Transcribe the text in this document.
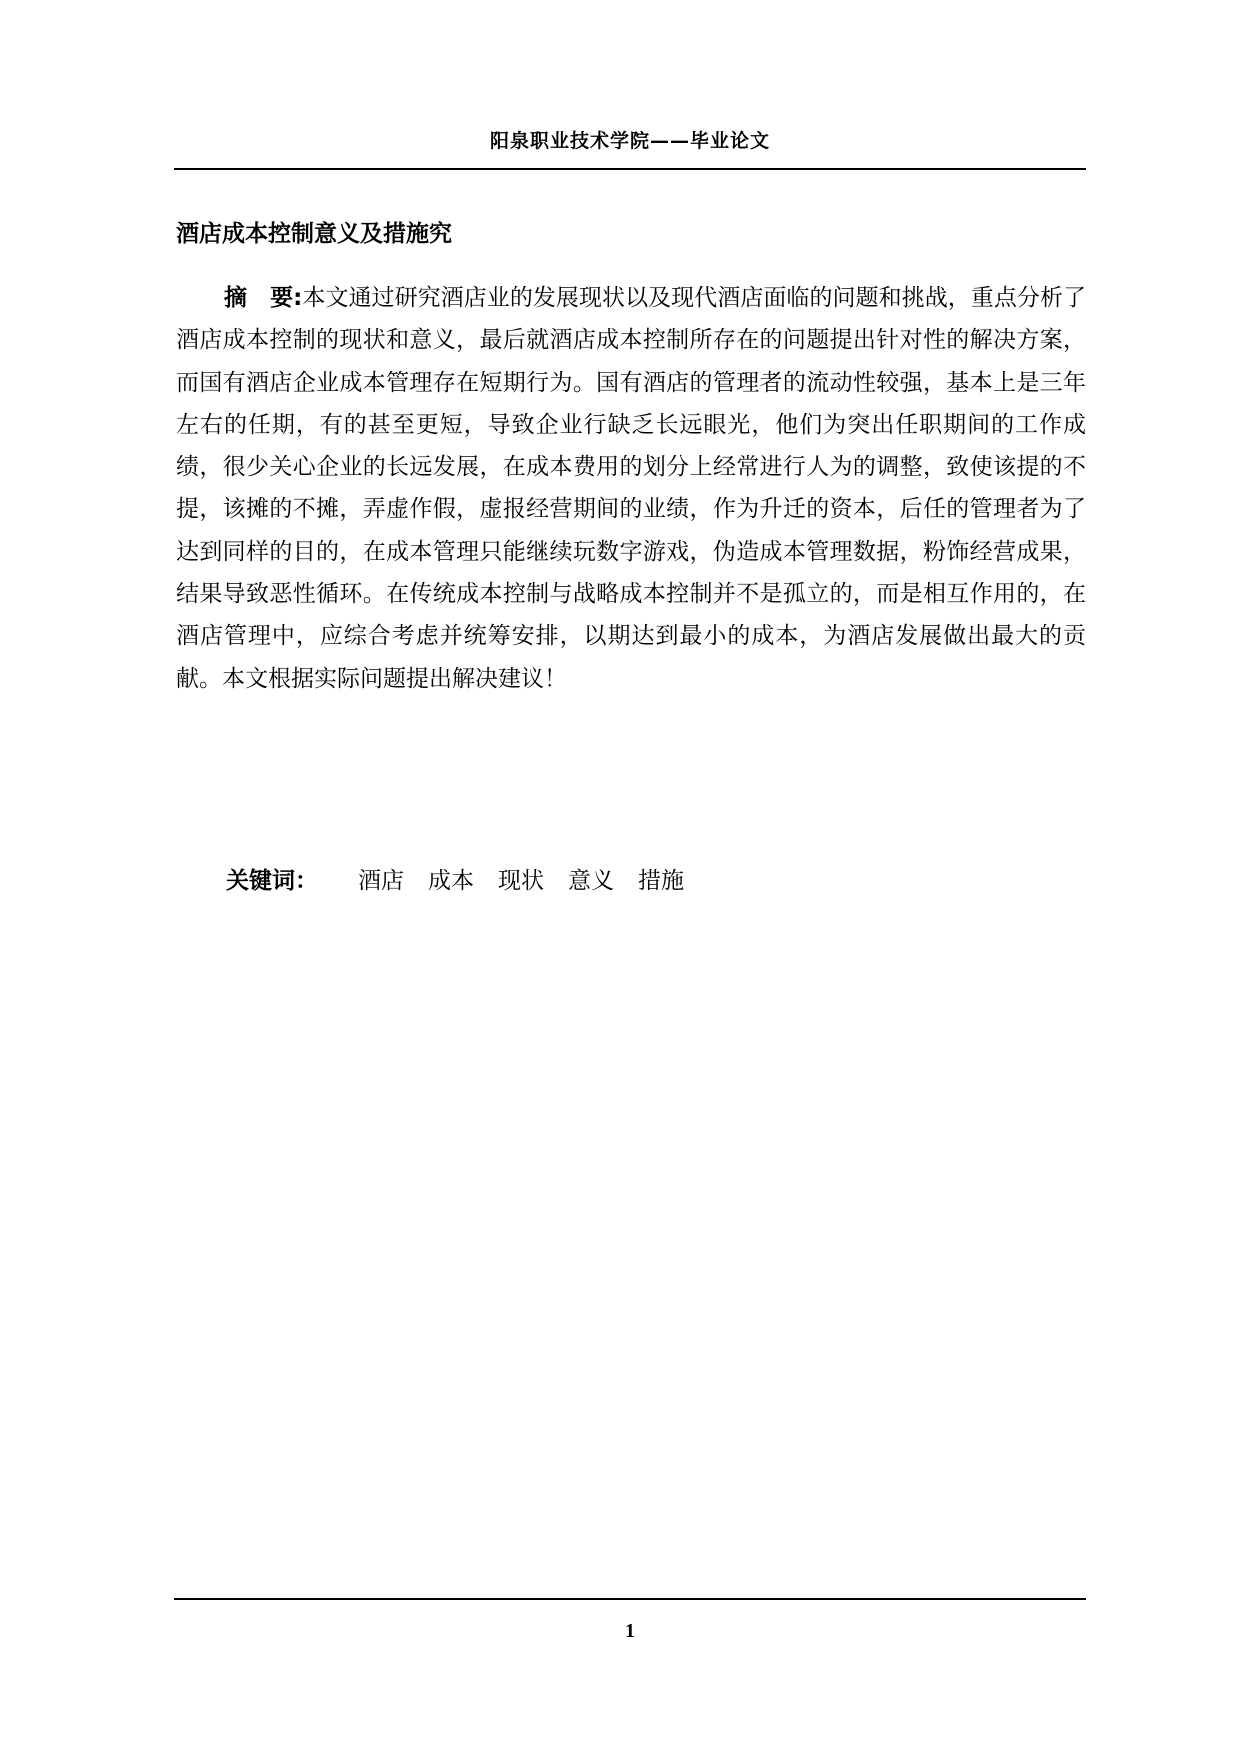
阳泉职业技术学院——毕业论文
酒店成本控制意义及措施究

摘　要:本文通过研究酒店业的发展现状以及现代酒店面临的问题和挑战，重点分析了酒店成本控制的现状和意义，最后就酒店成本控制所存在的问题提出针对性的解决方案，而国有酒店企业成本管理存在短期行为。国有酒店的管理者的流动性较强，基本上是三年左右的任期，有的甚至更短，导致企业行缺乏长远眼光，他们为突出任职期间的工作成绩，很少关心企业的长远发展，在成本费用的划分上经常进行人为的调整，致使该提的不提，该摊的不摊，弄虚作假，虚报经营期间的业绩，作为升迁的资本，后任的管理者为了达到同样的目的，在成本管理只能继续玩数字游戏，伪造成本管理数据，粉饰经营成果，结果导致恶性循环。在传统成本控制与战略成本控制并不是孤立的，而是相互作用的，在酒店管理中，应综合考虑并统筹安排，以期达到最小的成本，为酒店发展做出最大的贡献。本文根据实际问题提出解决建议！

关键词： 酒店 成本 现状 意义 措施
1
